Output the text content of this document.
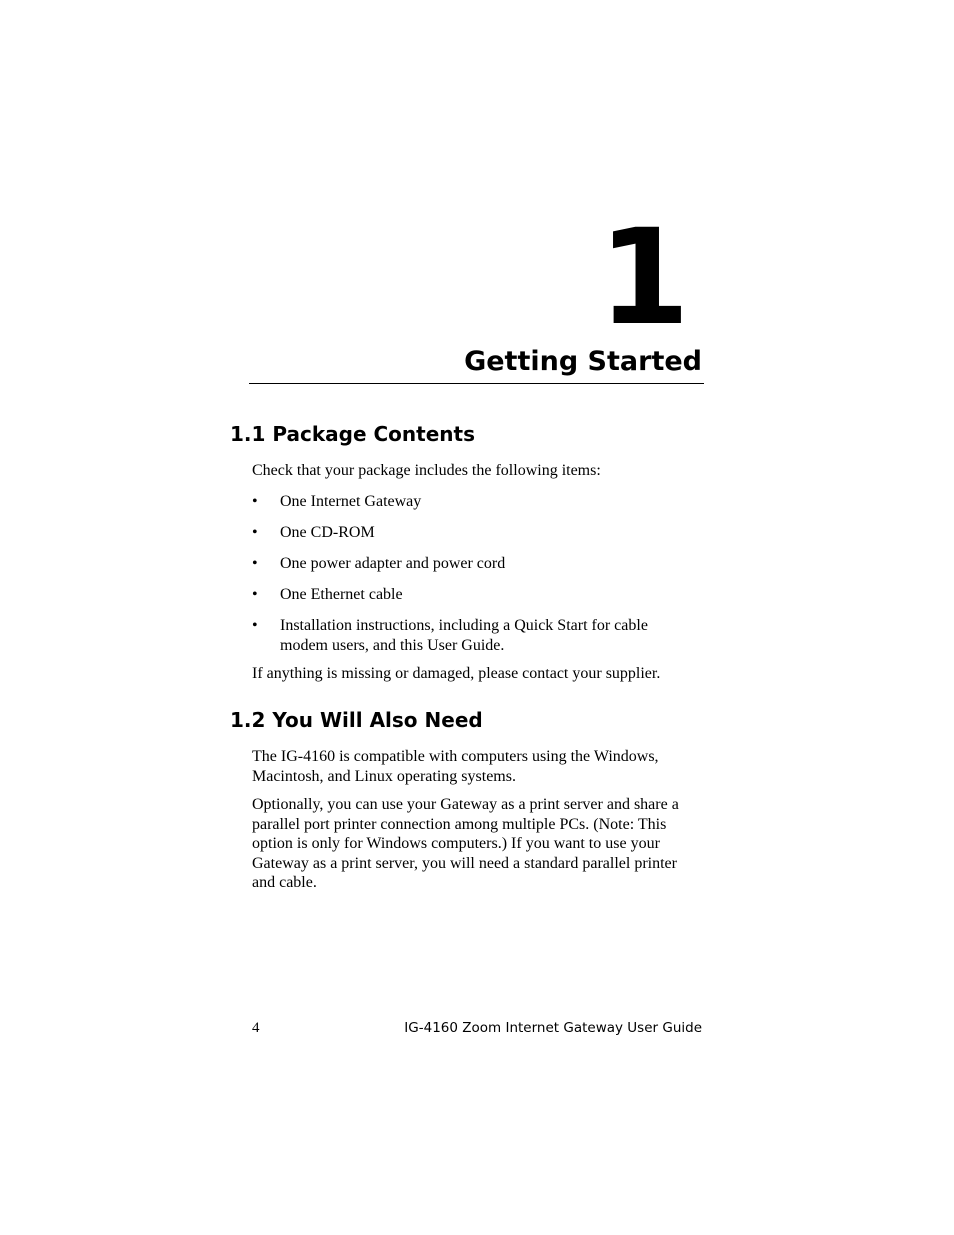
1
Getting Started
1.1 Package Contents
Check that your package includes the following items:
•	One Internet Gateway
•	One CD-ROM
•	One power adapter and power cord
•	One Ethernet cable
•	Installation instructions, including a Quick Start for cable modem users, and this User Guide.
If anything is missing or damaged, please contact your supplier.
1.2 You Will Also Need
The IG-4160 is compatible with computers using the Windows, Macintosh, and Linux operating systems.
Optionally, you can use your Gateway as a print server and share a parallel port printer connection among multiple PCs. (Note: This option is only for Windows computers.) If you want to use your Gateway as a print server, you will need a standard parallel printer and cable.
4	IG-4160 Zoom Internet Gateway User Guide
